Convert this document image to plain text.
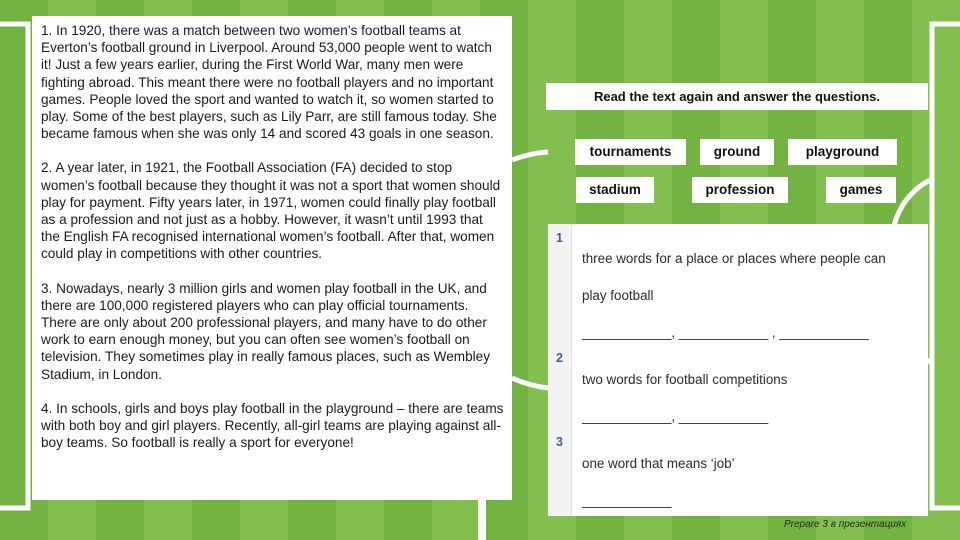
1. In 1920, there was a match between two women’s football teams at Everton’s football ground in Liverpool. Around 53,000 people went to watch it! Just a few years earlier, during the First World War, many men were fighting abroad. This meant there were no football players and no important games. People loved the sport and wanted to watch it, so women started to play. Some of the best players, such as Lily Parr, are still famous today. She became famous when she was only 14 and scored 43 goals in one season.

2. A year later, in 1921, the Football Association (FA) decided to stop women’s football because they thought it was not a sport that women should play for payment. Fifty years later, in 1971, women could finally play football as a profession and not just as a hobby. However, it wasn’t until 1993 that the English FA recognised international women’s football. After that, women could play in competitions with other countries.

3. Nowadays, nearly 3 million girls and women play football in the UK, and there are 100,000 registered players who can play official tournaments. There are only about 200 professional players, and many have to do other work to earn enough money, but you can often see women’s football on television. They sometimes play in really famous places, such as Wembley Stadium, in London.

4. In schools, girls and boys play football in the playground – there are teams with both boy and girl players. Recently, all-girl teams are playing against all-boy teams. So football is really a sport for everyone!

Read the text again and answer the questions.
tournaments	ground	playground
stadium	profession	games
1
three words for a place or places where people can
play football
____________, ____________ , ____________
2
two words for football competitions
____________, ____________
3
one word that means ‘job’
____________
Prepare 3 в презентациях
